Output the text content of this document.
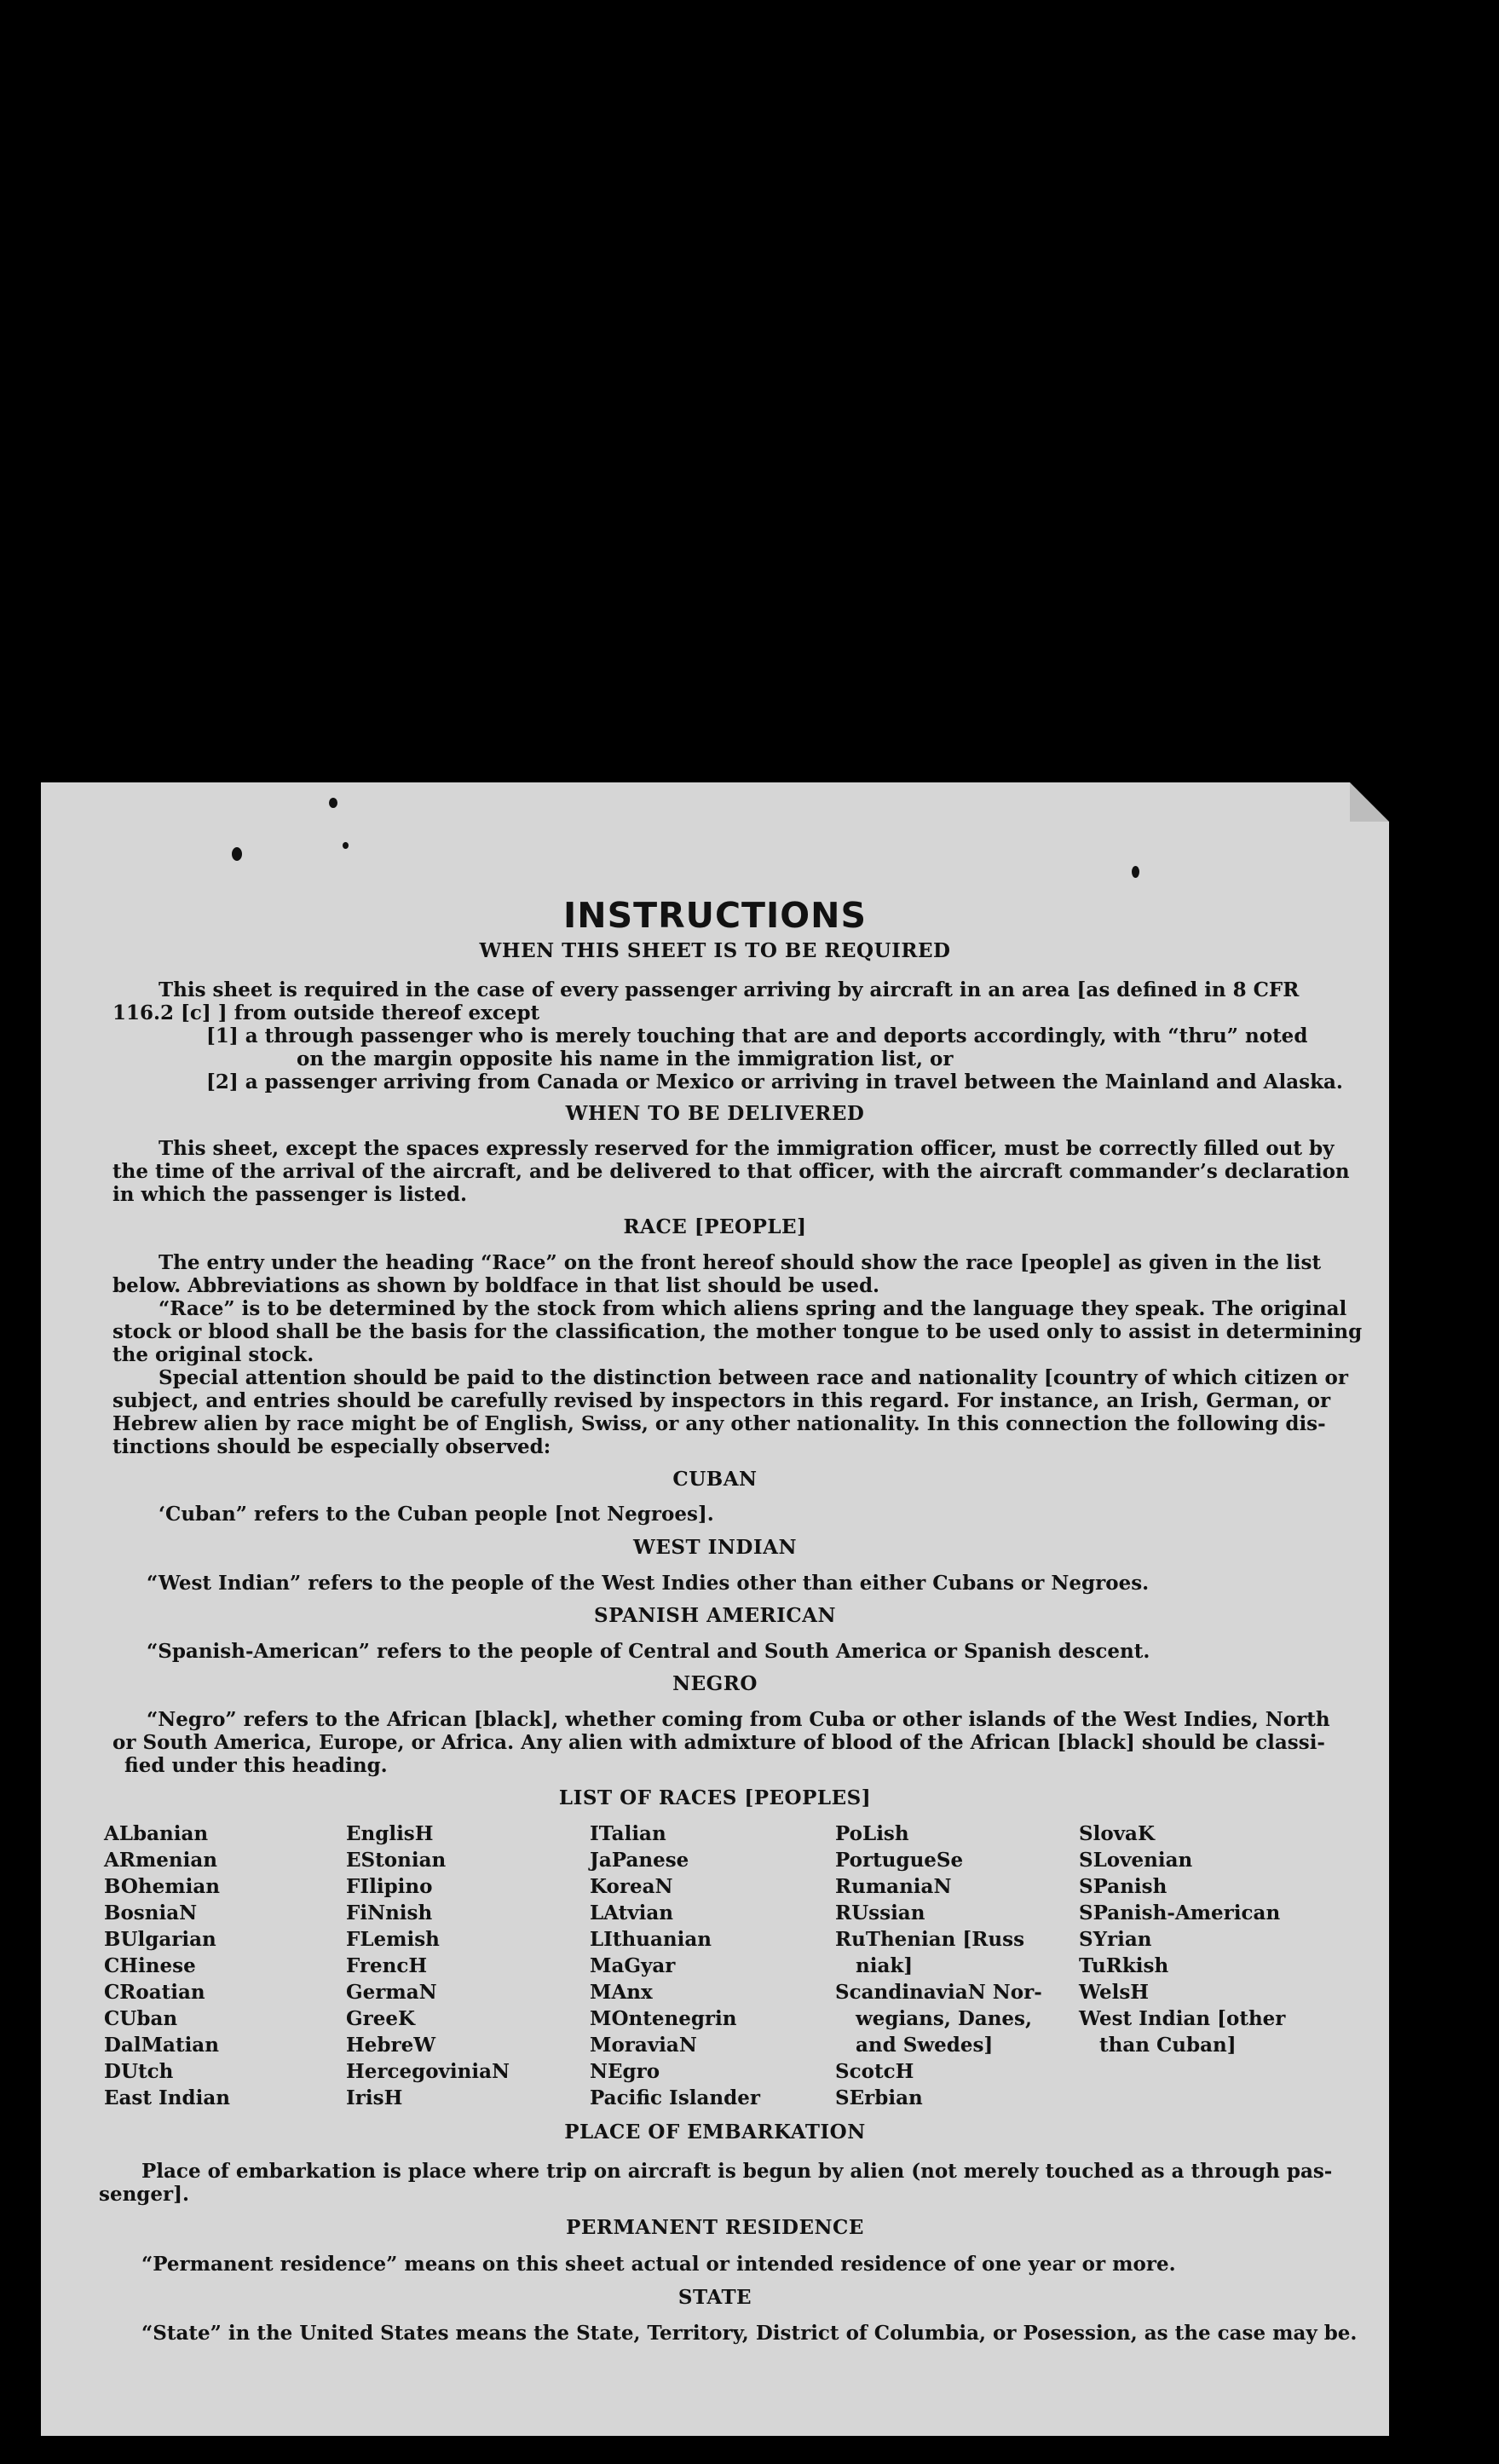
INSTRUCTIONS
WHEN THIS SHEET IS TO BE REQUIRED
This sheet is required in the case of every passenger arriving by aircraft in an area [as defined in 8 CFR
116.2 [c] ] from outside thereof except
[1] a through passenger who is merely touching that are and deports accordingly, with “thru” noted
on the margin opposite his name in the immigration list, or
[2] a passenger arriving from Canada or Mexico or arriving in travel between the Mainland and Alaska.
WHEN TO BE DELIVERED
This sheet, except the spaces expressly reserved for the immigration officer, must be correctly filled out by
the time of the arrival of the aircraft, and be delivered to that officer, with the aircraft commander’s declaration
in which the passenger is listed.
RACE [PEOPLE]
The entry under the heading “Race” on the front hereof should show the race [people] as given in the list
below. Abbreviations as shown by boldface in that list should be used.
“Race” is to be determined by the stock from which aliens spring and the language they speak. The original
stock or blood shall be the basis for the classification, the mother tongue to be used only to assist in determining
the original stock.
Special attention should be paid to the distinction between race and nationality [country of which citizen or
subject, and entries should be carefully revised by inspectors in this regard. For instance, an Irish, German, or
Hebrew alien by race might be of English, Swiss, or any other nationality. In this connection the following dis-
tinctions should be especially observed:
CUBAN
‘Cuban” refers to the Cuban people [not Negroes].
WEST INDIAN
“West Indian” refers to the people of the West Indies other than either Cubans or Negroes.
SPANISH AMERICAN
“Spanish-American” refers to the people of Central and South America or Spanish descent.
NEGRO
“Negro” refers to the African [black], whether coming from Cuba or other islands of the West Indies, North
or South America, Europe, or Africa. Any alien with admixture of blood of the African [black] should be classi-
fied under this heading.
LIST OF RACES [PEOPLES]
ALbanian
ARmenian
BOhemian
BosniaN
BUlgarian
CHinese
CRoatian
CUban
DalMatian
DUtch
East Indian
EnglisH
EStonian
FIlipino
FiNnish
FLemish
FrencH
GermaN
GreeK
HebreW
HercegoviniaN
IrisH
ITalian
JaPanese
KoreaN
LAtvian
LIthuanian
MaGyar
MAnx
MOntenegrin
MoraviaN
NEgro
Pacific Islander
PoLish
PortugueSe
RumaniaN
RUssian
RuThenian [Russ
niak]
ScandinaviaN Nor-
wegians, Danes,
and Swedes]
ScotcH
SErbian
SlovaK
SLovenian
SPanish
SPanish-American
SYrian
TuRkish
WelsH
West Indian [other
than Cuban]
PLACE OF EMBARKATION
Place of embarkation is place where trip on aircraft is begun by alien (not merely touched as a through pas-
senger].
PERMANENT RESIDENCE
“Permanent residence” means on this sheet actual or intended residence of one year or more.
STATE
“State” in the United States means the State, Territory, District of Columbia, or Posession, as the case may be.
